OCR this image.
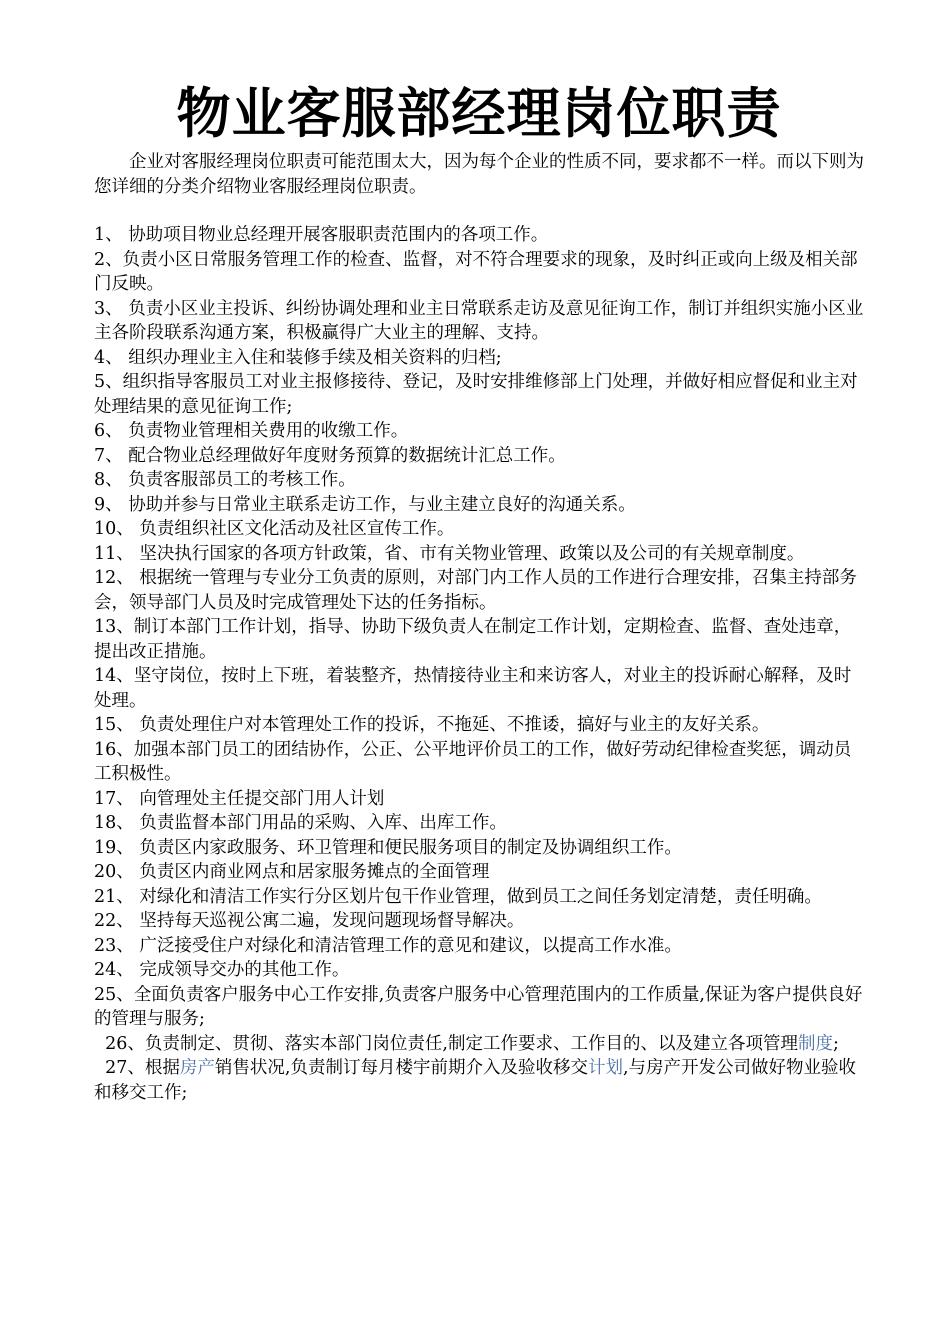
物业客服部经理岗位职责

企业对客服经理岗位职责可能范围太大，因为每个企业的性质不同，要求都不一样。而以下则为您详细的分类介绍物业客服经理岗位职责。

1、 协助项目物业总经理开展客服职责范围内的各项工作。

2、负责小区日常服务管理工作的检查、监督，对不符合理要求的现象，及时纠正或向上级及相关部门反映。

3、 负责小区业主投诉、纠纷协调处理和业主日常联系走访及意见征询工作，制订并组织实施小区业主各阶段联系沟通方案，积极赢得广大业主的理解、支持。

4、 组织办理业主入住和装修手续及相关资料的归档;

5、组织指导客服员工对业主报修接待、登记，及时安排维修部上门处理，并做好相应督促和业主对处理结果的意见征询工作;

6、 负责物业管理相关费用的收缴工作。

7、 配合物业总经理做好年度财务预算的数据统计汇总工作。

8、 负责客服部员工的考核工作。

9、 协助并参与日常业主联系走访工作，与业主建立良好的沟通关系。

10、 负责组织社区文化活动及社区宣传工作。

11、 坚决执行国家的各项方针政策，省、市有关物业管理、政策以及公司的有关规章制度。

12、 根据统一管理与专业分工负责的原则，对部门内工作人员的工作进行合理安排，召集主持部务会，领导部门人员及时完成管理处下达的任务指标。

13、制订本部门工作计划，指导、协助下级负责人在制定工作计划，定期检查、监督、查处违章，提出改正措施。

14、坚守岗位，按时上下班，着装整齐，热情接待业主和来访客人，对业主的投诉耐心解释，及时处理。

15、 负责处理住户对本管理处工作的投诉，不拖延、不推诿，搞好与业主的友好关系。

16、加强本部门员工的团结协作，公正、公平地评价员工的工作，做好劳动纪律检查奖惩，调动员工积极性。

17、 向管理处主任提交部门用人计划

18、 负责监督本部门用品的采购、入库、出库工作。

19、 负责区内家政服务、环卫管理和便民服务项目的制定及协调组织工作。

20、 负责区内商业网点和居家服务摊点的全面管理

21、 对绿化和清洁工作实行分区划片包干作业管理，做到员工之间任务划定清楚，责任明确。

22、 坚持每天巡视公寓二遍，发现问题现场督导解决。

23、 广泛接受住户对绿化和清洁管理工作的意见和建议，以提高工作水准。

24、 完成领导交办的其他工作。

25、全面负责客户服务中心工作安排,负责客户服务中心管理范围内的工作质量,保证为客户提供良好的管理与服务;

26、负责制定、贯彻、落实本部门岗位责任,制定工作要求、工作目的、以及建立各项管理制度;

27、根据房产销售状况,负责制订每月楼宇前期介入及验收移交计划,与房产开发公司做好物业验收和移交工作;
